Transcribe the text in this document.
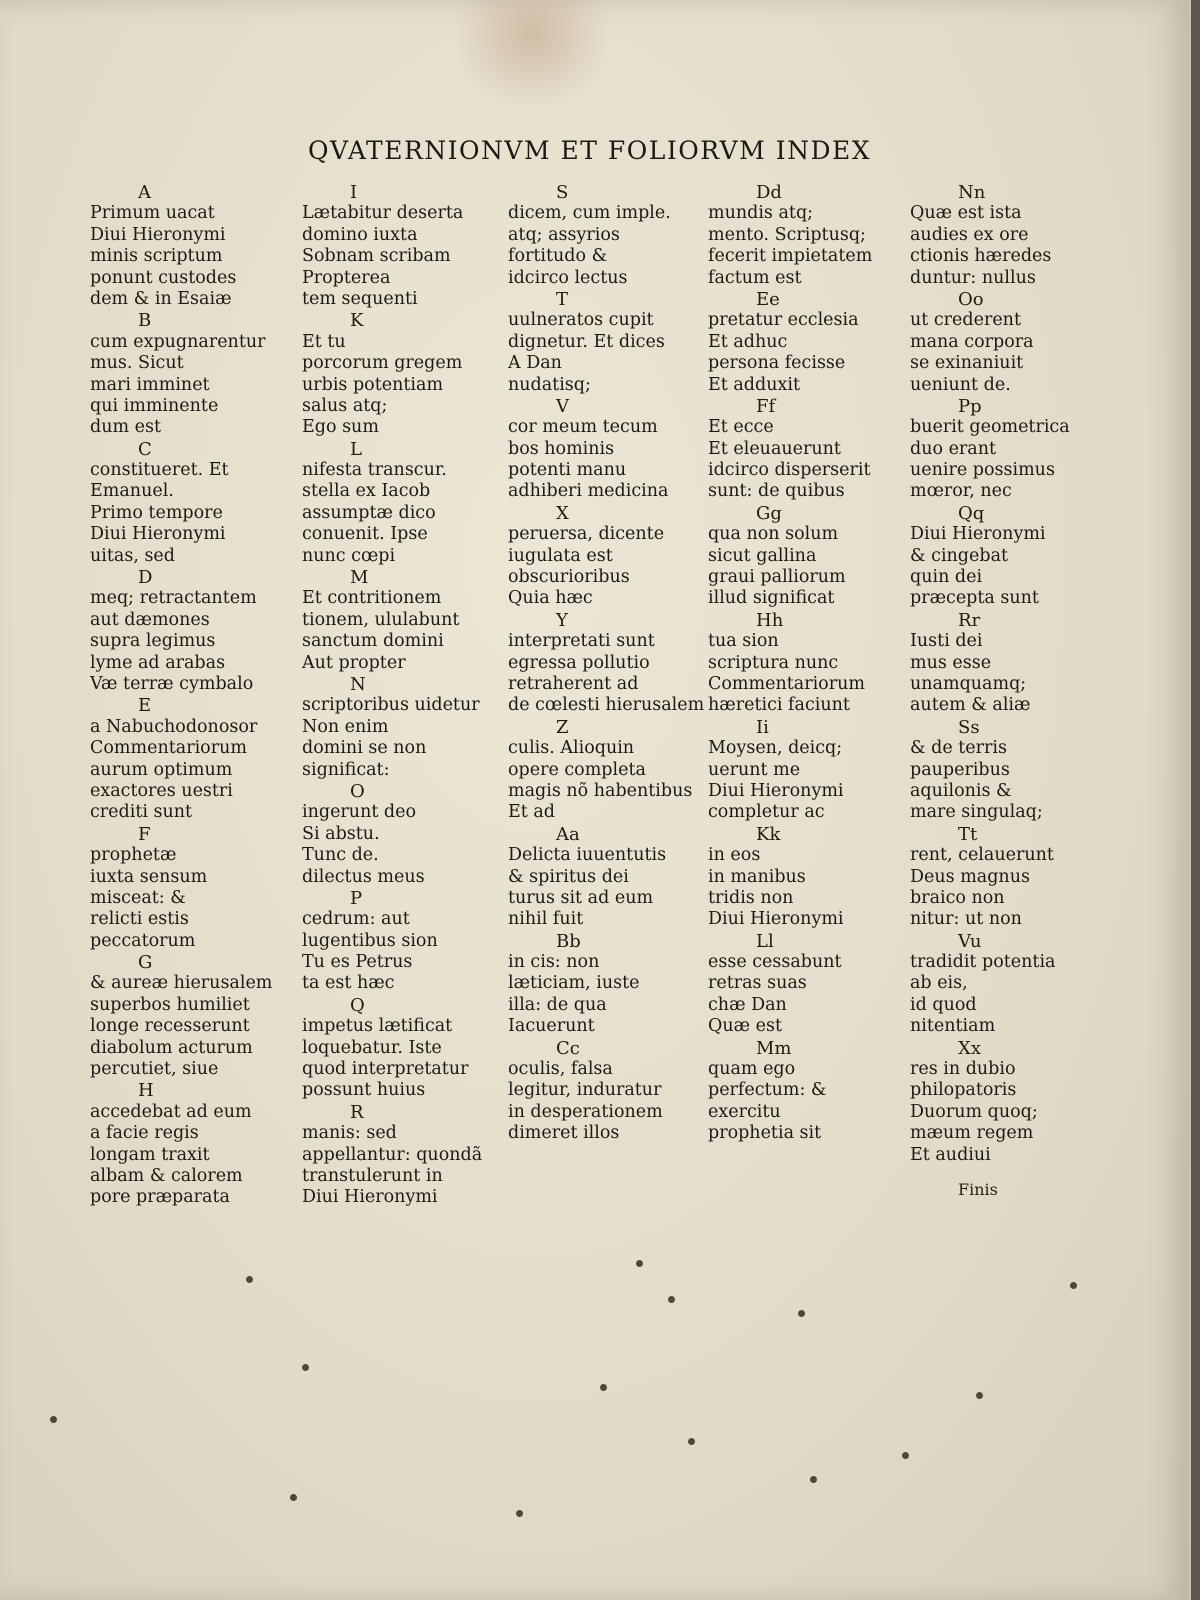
QVATERNIONVM ET FOLIORVM INDEX
A
Primum uacat
Diui Hieronymi
minis scriptum
ponunt custodes
dem & in Esaiæ
B
cum expugnarentur
mus. Sicut
mari imminet
qui imminente
dum est
C
constitueret. Et
Emanuel.
Primo tempore
Diui Hieronymi
uitas, sed
D
meq; retractantem
aut dæmones
supra legimus
lyme ad arabas
Væ terræ cymbalo
E
a Nabuchodonosor
Commentariorum
aurum optimum
exactores uestri
crediti sunt
F
prophetæ
iuxta sensum
misceat: &
relicti estis
peccatorum
G
& aureæ hierusalem
superbos humiliet
longe recesserunt
diabolum acturum
percutiet, siue
H
accedebat ad eum
a facie regis
longam traxit
albam & calorem
pore præparata
I
Lætabitur deserta
domino iuxta
Sobnam scribam
Propterea
tem sequenti
K
Et tu
porcorum gregem
urbis potentiam
salus atq;
Ego sum
L
nifesta transcur.
stella ex Iacob
assumptæ dico
conuenit. Ipse
nunc cœpi
M
Et contritionem
tionem, ululabunt
sanctum domini
Aut propter
N
scriptoribus uidetur
Non enim
domini se non
significat:
O
ingerunt deo
Si abstu.
Tunc de.
dilectus meus
P
cedrum: aut
lugentibus sion
Tu es Petrus
ta est hæc
Q
impetus lætificat
loquebatur. Iste
quod interpretatur
possunt huius
R
manis: sed
appellantur: quondã
transtulerunt in
Diui Hieronymi
S
dicem, cum imple.
atq; assyrios
fortitudo &
idcirco lectus
T
uulneratos cupit
dignetur. Et dices
A Dan
nudatisq;
V
cor meum tecum
bos hominis
potenti manu
adhiberi medicina
X
peruersa, dicente
iugulata est
obscurioribus
Quia hæc
Y
interpretati sunt
egressa pollutio
retraherent ad
de cœlesti hierusalem
Z
culis. Alioquin
opere completa
magis nõ habentibus
Et ad
Aa
Delicta iuuentutis
& spiritus dei
turus sit ad eum
nihil fuit
Bb
in cis: non
læticiam, iuste
illa: de qua
Iacuerunt
Cc
oculis, falsa
legitur, induratur
in desperationem
dimeret illos
Dd
mundis atq;
mento. Scriptusq;
fecerit impietatem
factum est
Ee
pretatur ecclesia
Et adhuc
persona fecisse
Et adduxit
Ff
Et ecce
Et eleuauerunt
idcirco disperserit
sunt: de quibus
Gg
qua non solum
sicut gallina
graui palliorum
illud significat
Hh
tua sion
scriptura nunc
Commentariorum
hæretici faciunt
Ii
Moysen, deicq;
uerunt me
Diui Hieronymi
completur ac
Kk
in eos
in manibus
tridis non
Diui Hieronymi
Ll
esse cessabunt
retras suas
chæ Dan
Quæ est
Mm
quam ego
perfectum: &
exercitu
prophetia sit
Nn
Quæ est ista
audies ex ore
ctionis hæredes
duntur: nullus
Oo
ut crederent
mana corpora
se exinaniuit
ueniunt de.
Pp
buerit geometrica
duo erant
uenire possimus
mœror, nec
Qq
Diui Hieronymi
& cingebat
quin dei
præcepta sunt
Rr
Iusti dei
mus esse
unamquamq;
autem & aliæ
Ss
& de terris
pauperibus
aquilonis &
mare singulaq;
Tt
rent, celauerunt
Deus magnus
braico non
nitur: ut non
Vu
tradidit potentia
ab eis,
id quod
nitentiam
Xx
res in dubio
philopatoris
Duorum quoq;
mæum regem
Et audiui
Finis
